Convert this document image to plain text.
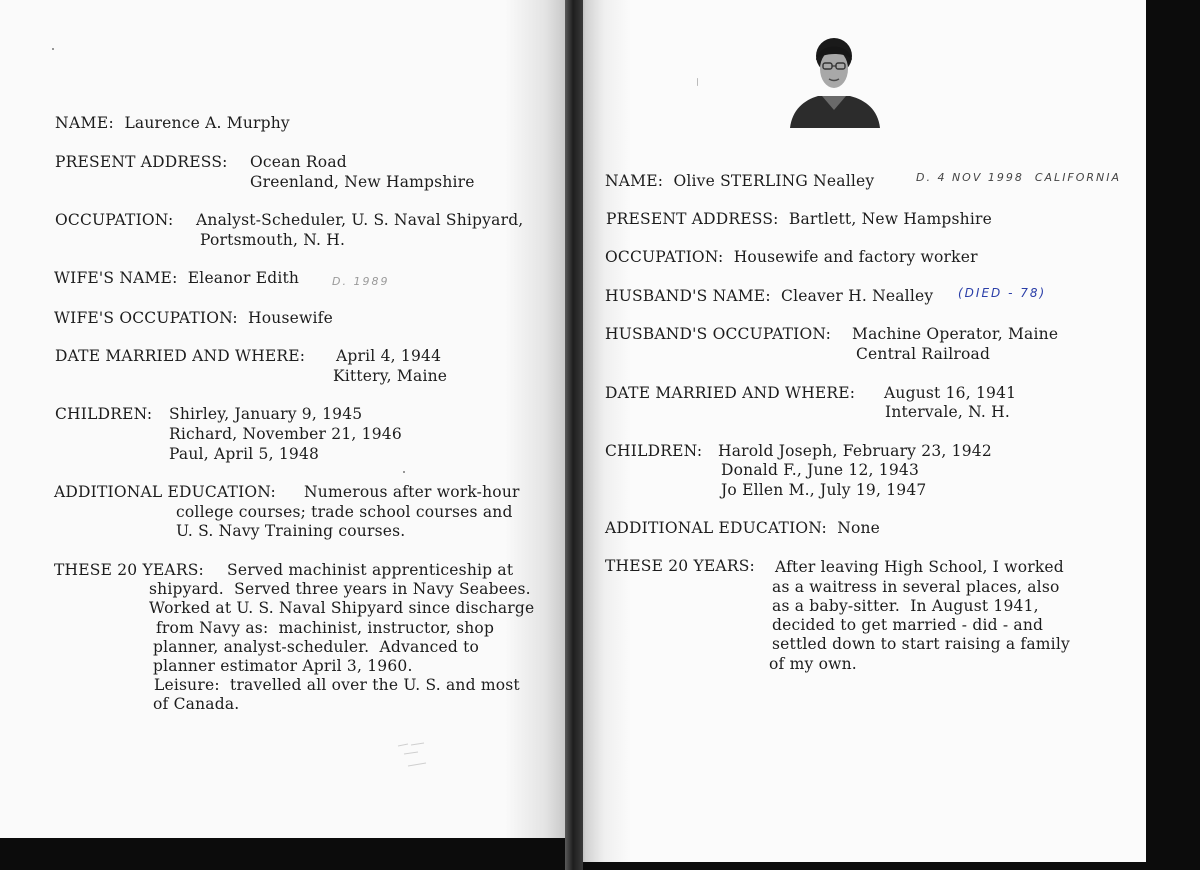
NAME: Laurence A. Murphy
PRESENT ADDRESS: Ocean Road
Greenland, New Hampshire
OCCUPATION: Analyst-Scheduler, U. S. Naval Shipyard,
Portsmouth, N. H.
WIFE'S NAME: Eleanor Edith	D. 1989
WIFE'S OCCUPATION: Housewife
DATE MARRIED AND WHERE: April 4, 1944
Kittery, Maine
CHILDREN: Shirley, January 9, 1945
Richard, November 21, 1946
Paul, April 5, 1948
ADDITIONAL EDUCATION: Numerous after work-hour
college courses; trade school courses and
U. S. Navy Training courses.
THESE 20 YEARS: Served machinist apprenticeship at
shipyard.  Served three years in Navy Seabees.
Worked at U. S. Naval Shipyard since discharge
from Navy as:  machinist, instructor, shop
planner, analyst-scheduler.  Advanced to
planner estimator April 3, 1960.
Leisure:  travelled all over the U. S. and most
of Canada.
NAME: Olive STERLING Nealley	D. 4 NOV 1998  CALIFORNIA
PRESENT ADDRESS: Bartlett, New Hampshire
OCCUPATION: Housewife and factory worker
HUSBAND'S NAME: Cleaver H. Nealley (DIED - 78)
HUSBAND'S OCCUPATION: Machine Operator, Maine
Central Railroad
DATE MARRIED AND WHERE: August 16, 1941
Intervale, N. H.
CHILDREN: Harold Joseph, February 23, 1942
Donald F., June 12, 1943
Jo Ellen M., July 19, 1947
ADDITIONAL EDUCATION: None
THESE 20 YEARS: After leaving High School, I worked
as a waitress in several places, also
as a baby-sitter.  In August 1941,
decided to get married - did - and
settled down to start raising a family
of my own.
